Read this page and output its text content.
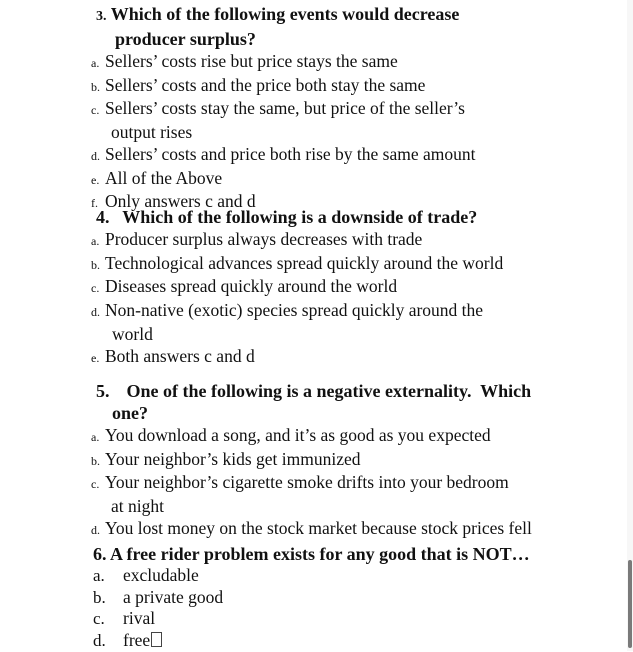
3. Which of the following events would decrease
producer surplus?
a. Sellers’ costs rise but price stays the same
b. Sellers’ costs and the price both stay the same
c. Sellers’ costs stay the same, but price of the seller’s
output rises
d. Sellers’ costs and price both rise by the same amount
e. All of the Above
f. Only answers c and d
4. Which of the following is a downside of trade?
a. Producer surplus always decreases with trade
b. Technological advances spread quickly around the world
c. Diseases spread quickly around the world
d. Non-native (exotic) species spread quickly around the
world
e. Both answers c and d
5. One of the following is a negative externality.  Which
one?
a. You download a song, and it’s as good as you expected
b. Your neighbor’s kids get immunized
c. Your neighbor’s cigarette smoke drifts into your bedroom
at night
d. You lost money on the stock market because stock prices fell
6. A free rider problem exists for any good that is NOT…
a. excludable
b. a private good
c. rival
d. free
